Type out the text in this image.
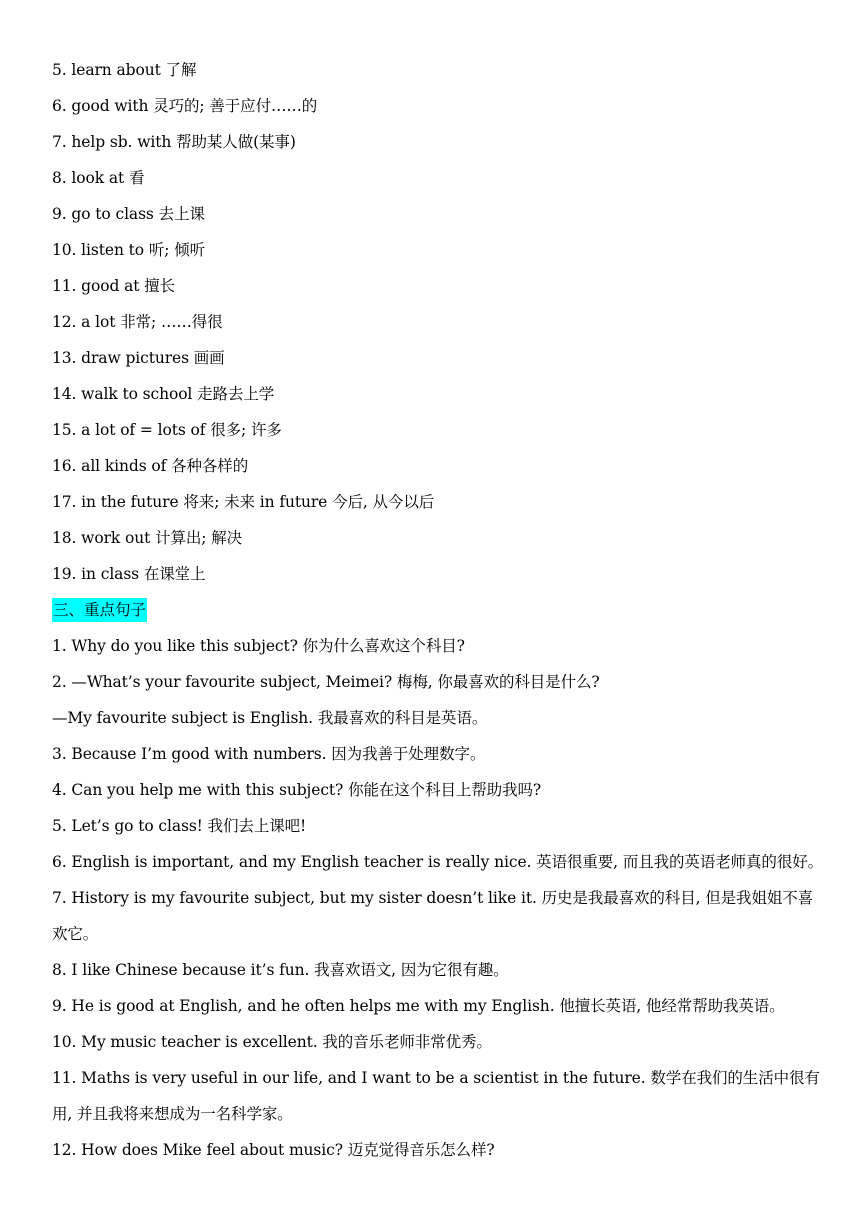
5. learn about 了解
6. good with 灵巧的; 善于应付……的
7. help sb. with 帮助某人做(某事)
8. look at 看
9. go to class 去上课
10. listen to 听; 倾听
11. good at 擅长
12. a lot 非常; ……得很
13. draw pictures 画画
14. walk to school 走路去上学
15. a lot of = lots of 很多; 许多
16. all kinds of 各种各样的
17. in the future 将来; 未来 in future 今后, 从今以后
18. work out 计算出; 解决
19. in class 在课堂上
三、重点句子
1. Why do you like this subject? 你为什么喜欢这个科目?
2. —What’s your favourite subject, Meimei? 梅梅, 你最喜欢的科目是什么?
—My favourite subject is English. 我最喜欢的科目是英语。
3. Because I’m good with numbers. 因为我善于处理数字。
4. Can you help me with this subject? 你能在这个科目上帮助我吗?
5. Let’s go to class! 我们去上课吧!
6. English is important, and my English teacher is really nice. 英语很重要, 而且我的英语老师真的很好。
7. History is my favourite subject, but my sister doesn’t like it. 历史是我最喜欢的科目, 但是我姐姐不喜欢它。
8. I like Chinese because it’s fun. 我喜欢语文, 因为它很有趣。
9. He is good at English, and he often helps me with my English. 他擅长英语, 他经常帮助我英语。
10. My music teacher is excellent. 我的音乐老师非常优秀。
11. Maths is very useful in our life, and I want to be a scientist in the future. 数学在我们的生活中很有用, 并且我将来想成为一名科学家。
12. How does Mike feel about music? 迈克觉得音乐怎么样?
